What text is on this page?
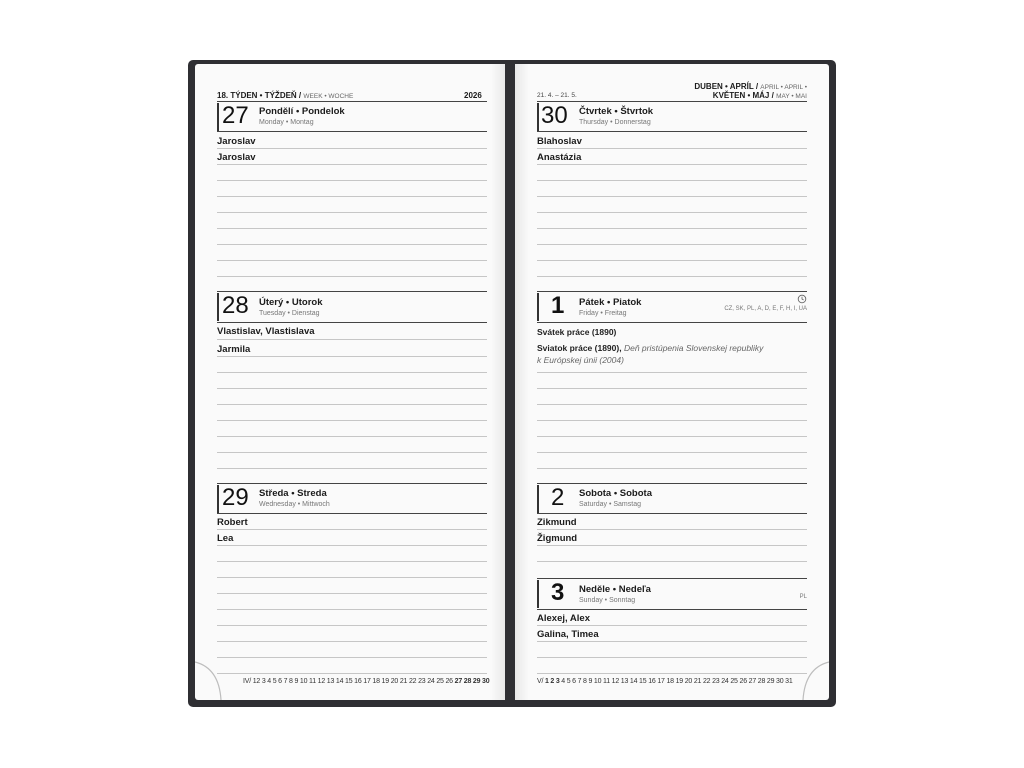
18. TÝDEN • TÝŽDEŇ / WEEK • WOCHE	2026
27 Pondělí • Pondelok
Monday • Montag
Jaroslav
Jaroslav
28 Úterý • Utorok
Tuesday • Dienstag
Vlastislav, Vlastislava
Jarmila
29 Středa • Streda
Wednesday • Mittwoch
Robert
Lea
IV/ 12 3 4 5 6 7 8 9 10 11 12 13 14 15 16 17 18 19 20 21 22 23 24 25 26 27 28 29 30
21. 4. – 21. 5.
DUBEN • APRÍL / APRIL • APRIL •
KVĚTEN • MÁJ / MAY • MAI
30 Čtvrtek • Štvrtok
Thursday • Donnerstag
Blahoslav
Anastázia
1 Pátek • Piatok
Friday • Freitag
CZ, SK, PL, A, D, E, F, H, I, UA
Svátek práce (1890)
Sviatok práce (1890), Deň pristúpenia Slovenskej republiky
k Európskej únii (2004)
2 Sobota • Sobota
Saturday • Samstag
Zikmund
Žigmund
3 Neděle • Nedeľa
Sunday • Sonntag	PL
Alexej, Alex
Galina, Timea
V/ 1 2 3 4 5 6 7 8 9 10 11 12 13 14 15 16 17 18 19 20 21 22 23 24 25 26 27 28 29 30 31
